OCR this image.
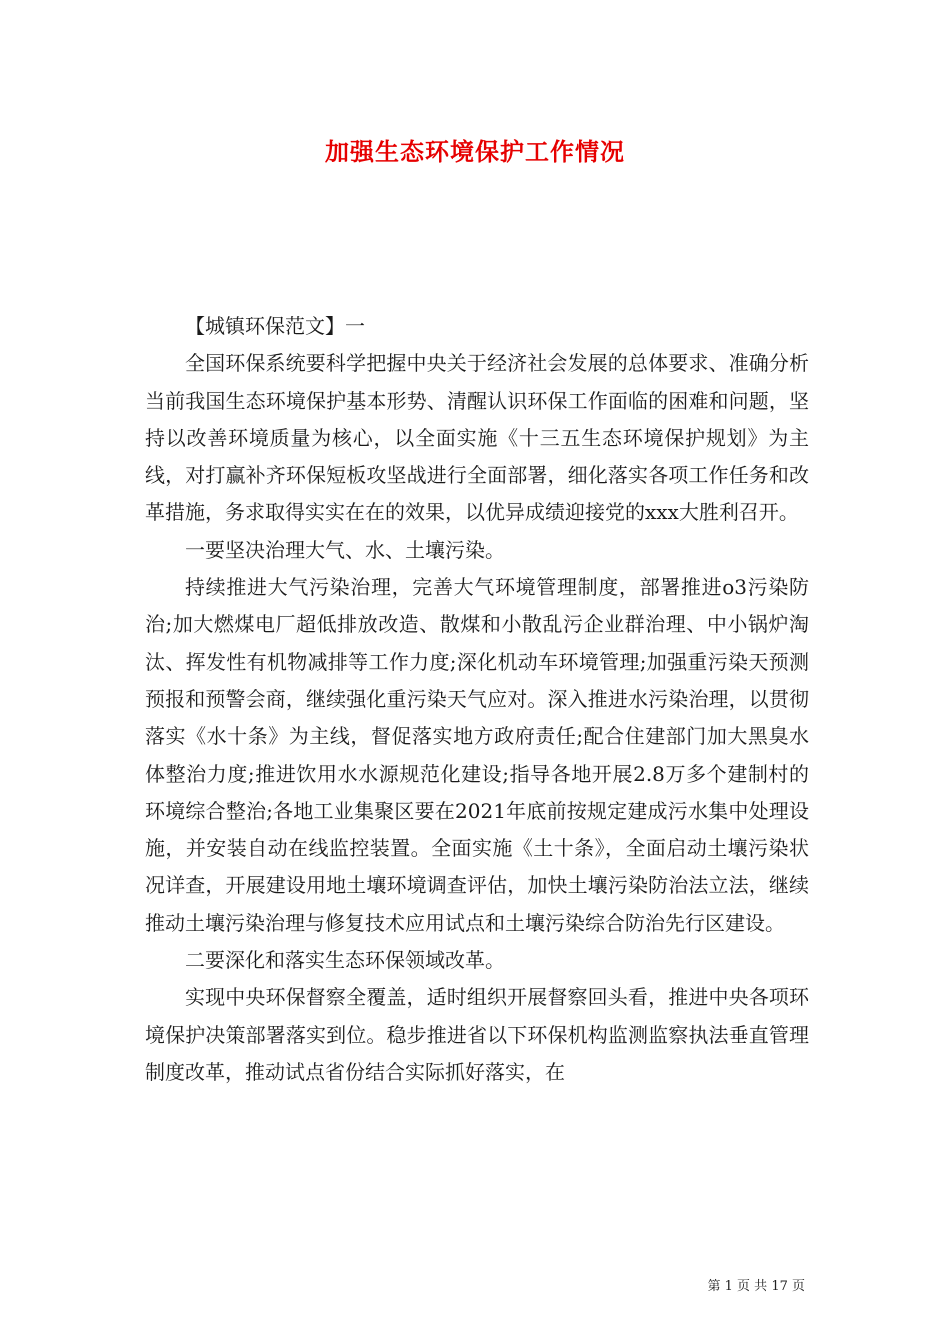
加强生态环境保护工作情况

【城镇环保范文】一

全国环保系统要科学把握中央关于经济社会发展的总体要求、准确分析当前我国生态环境保护基本形势、清醒认识环保工作面临的困难和问题，坚持以改善环境质量为核心，以全面实施《十三五生态环境保护规划》为主线，对打赢补齐环保短板攻坚战进行全面部署，细化落实各项工作任务和改革措施，务求取得实实在在的效果，以优异成绩迎接党的xxx大胜利召开。

一要坚决治理大气、水、土壤污染。

持续推进大气污染治理，完善大气环境管理制度，部署推进o3污染防治;加大燃煤电厂超低排放改造、散煤和小散乱污企业群治理、中小锅炉淘汰、挥发性有机物减排等工作力度;深化机动车环境管理;加强重污染天预测预报和预警会商，继续强化重污染天气应对。深入推进水污染治理，以贯彻落实《水十条》为主线，督促落实地方政府责任;配合住建部门加大黑臭水体整治力度;推进饮用水水源规范化建设;指导各地开展2.8万多个建制村的环境综合整治;各地工业集聚区要在2021年底前按规定建成污水集中处理设施，并安装自动在线监控装置。全面实施《土十条》，全面启动土壤污染状况详查，开展建设用地土壤环境调查评估，加快土壤污染防治法立法，继续推动土壤污染治理与修复技术应用试点和土壤污染综合防治先行区建设。

二要深化和落实生态环保领域改革。

实现中央环保督察全覆盖，适时组织开展督察回头看，推进中央各项环境保护决策部署落实到位。稳步推进省以下环保机构监测监察执法垂直管理制度改革，推动试点省份结合实际抓好落实，在

第 1 页 共 17 页
